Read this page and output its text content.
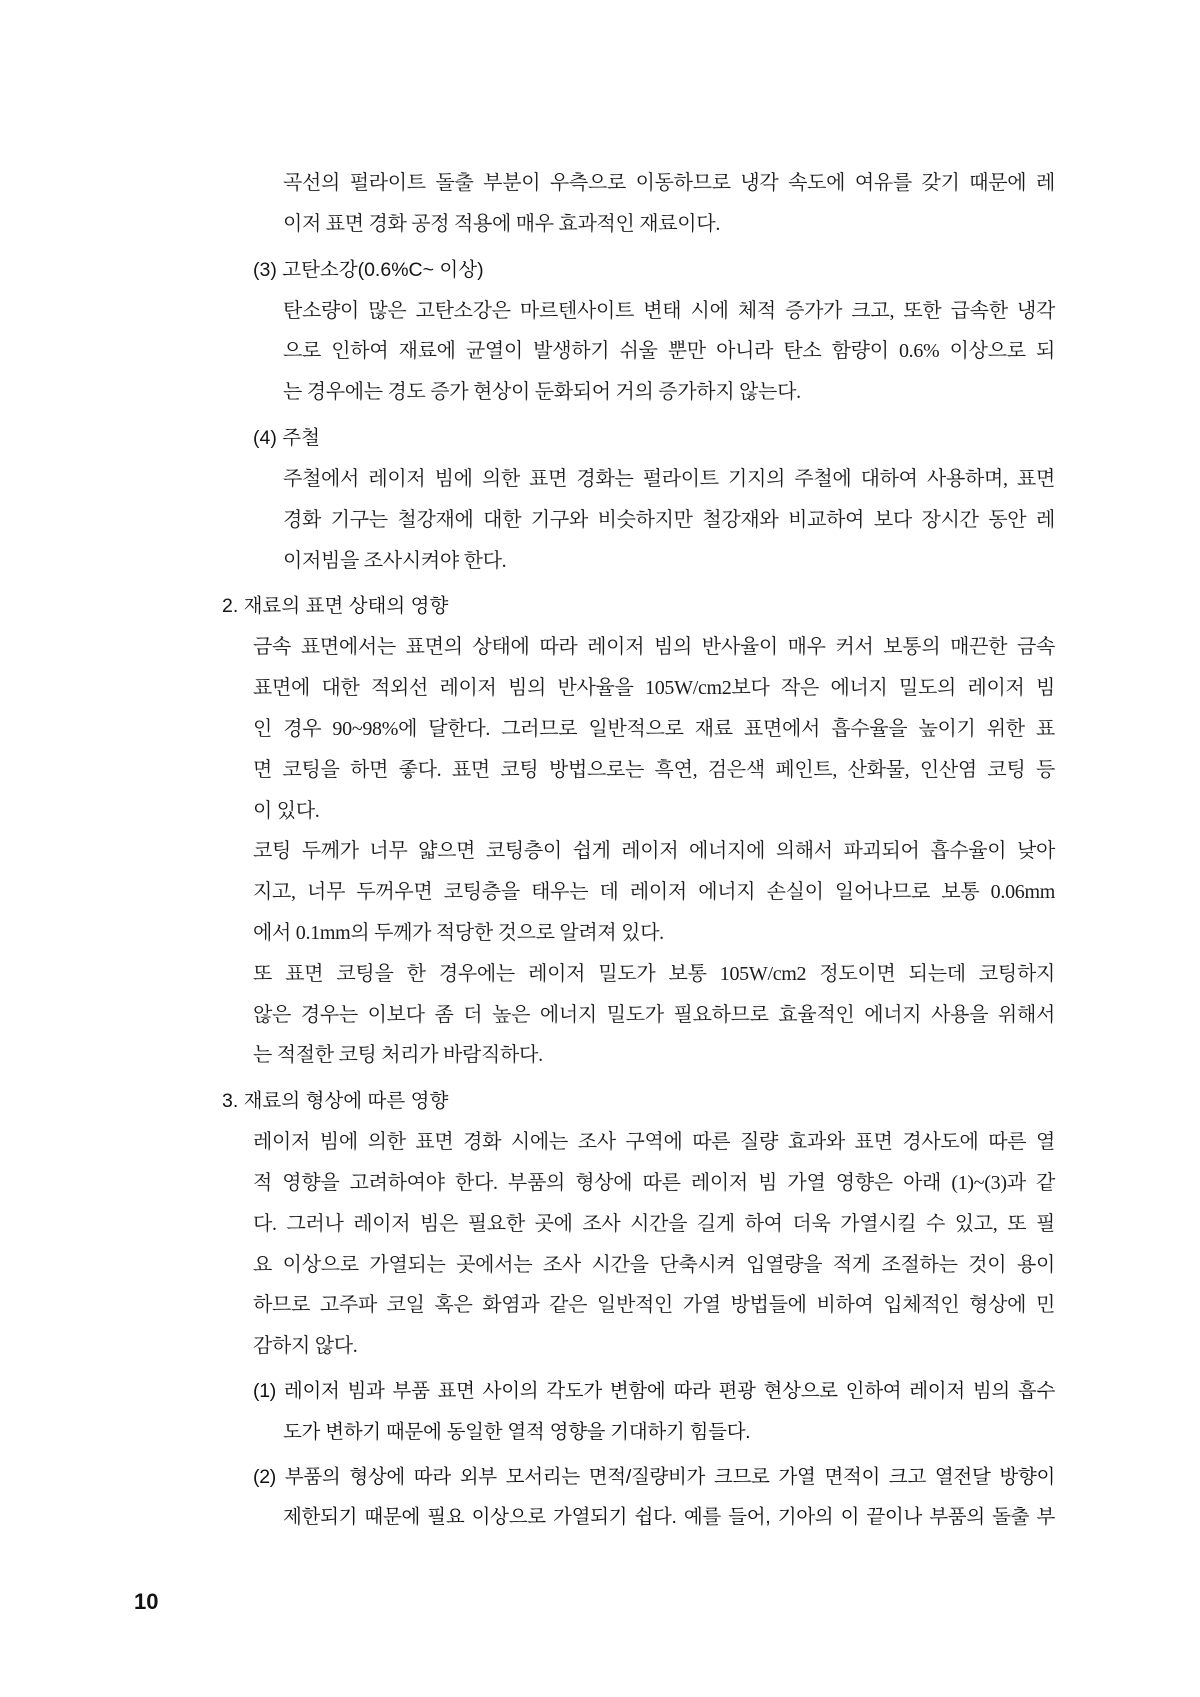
곡선의 펄라이트 돌출 부분이 우측으로 이동하므로 냉각 속도에 여유를 갖기 때문에 레
이저 표면 경화 공정 적용에 매우 효과적인 재료이다.
(3) 고탄소강(0.6%C~ 이상)
탄소량이 많은 고탄소강은 마르텐사이트 변태 시에 체적 증가가 크고, 또한 급속한 냉각
으로 인하여 재료에 균열이 발생하기 쉬울 뿐만 아니라 탄소 함량이 0.6% 이상으로 되
는 경우에는 경도 증가 현상이 둔화되어 거의 증가하지 않는다.
(4) 주철
주철에서 레이저 빔에 의한 표면 경화는 펄라이트 기지의 주철에 대하여 사용하며, 표면
경화 기구는 철강재에 대한 기구와 비슷하지만 철강재와 비교하여 보다 장시간 동안 레
이저빔을 조사시켜야 한다.
2. 재료의 표면 상태의 영향
금속 표면에서는 표면의 상태에 따라 레이저 빔의 반사율이 매우 커서 보통의 매끈한 금속
표면에 대한 적외선 레이저 빔의 반사율을 105W/cm2보다 작은 에너지 밀도의 레이저 빔
인 경우 90~98%에 달한다. 그러므로 일반적으로 재료 표면에서 흡수율을 높이기 위한 표
면 코팅을 하면 좋다. 표면 코팅 방법으로는 흑연, 검은색 페인트, 산화물, 인산염 코팅 등
이 있다.
코팅 두께가 너무 얇으면 코팅층이 쉽게 레이저 에너지에 의해서 파괴되어 흡수율이 낮아
지고, 너무 두꺼우면 코팅층을 태우는 데 레이저 에너지 손실이 일어나므로 보통 0.06mm
에서 0.1mm의 두께가 적당한 것으로 알려져 있다.
또 표면 코팅을 한 경우에는 레이저 밀도가 보통 105W/cm2 정도이면 되는데 코팅하지
않은 경우는 이보다 좀 더 높은 에너지 밀도가 필요하므로 효율적인 에너지 사용을 위해서
는 적절한 코팅 처리가 바람직하다.
3. 재료의 형상에 따른 영향
레이저 빔에 의한 표면 경화 시에는 조사 구역에 따른 질량 효과와 표면 경사도에 따른 열
적 영향을 고려하여야 한다. 부품의 형상에 따른 레이저 빔 가열 영향은 아래 (1)~(3)과 같
다. 그러나 레이저 빔은 필요한 곳에 조사 시간을 길게 하여 더욱 가열시킬 수 있고, 또 필
요 이상으로 가열되는 곳에서는 조사 시간을 단축시켜 입열량을 적게 조절하는 것이 용이
하므로 고주파 코일 혹은 화염과 같은 일반적인 가열 방법들에 비하여 입체적인 형상에 민
감하지 않다.
(1) 레이저 빔과 부품 표면 사이의 각도가 변함에 따라 편광 현상으로 인하여 레이저 빔의 흡수
도가 변하기 때문에 동일한 열적 영향을 기대하기 힘들다.
(2) 부품의 형상에 따라 외부 모서리는 면적/질량비가 크므로 가열 면적이 크고 열전달 방향이
제한되기 때문에 필요 이상으로 가열되기 쉽다. 예를 들어, 기아의 이 끝이나 부품의 돌출 부
10
